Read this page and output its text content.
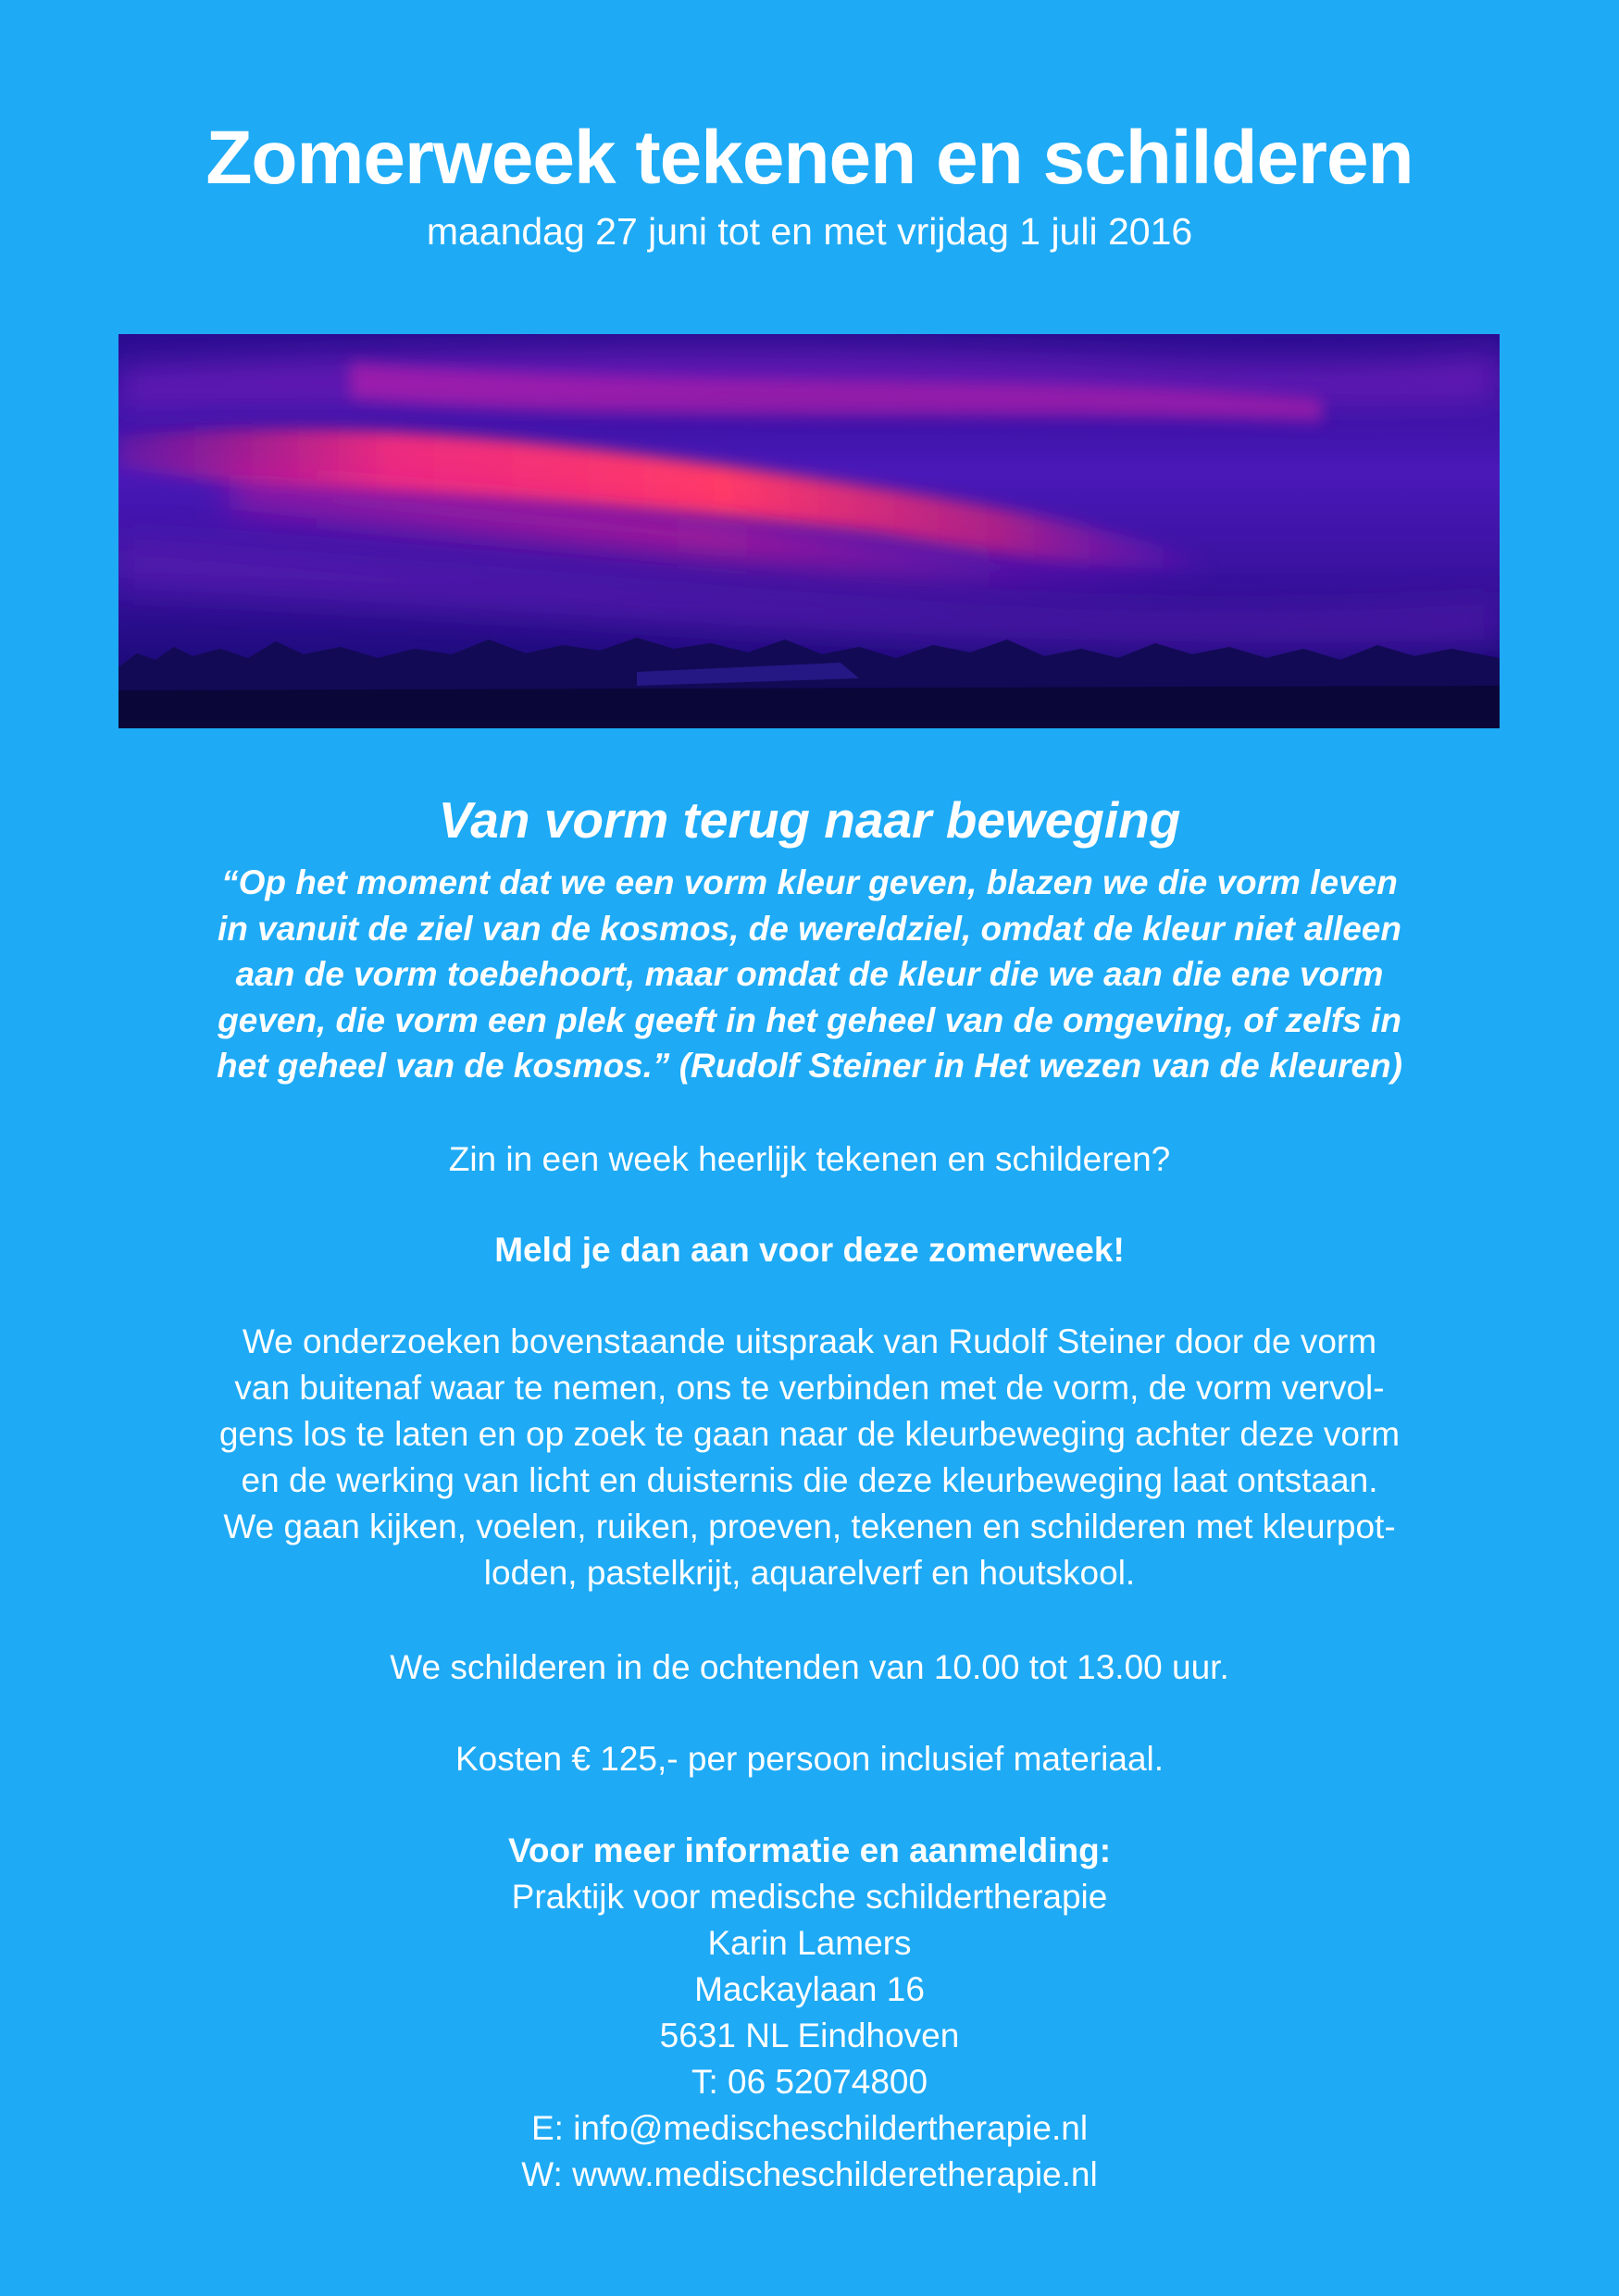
Zomerweek tekenen en schilderen
maandag 27 juni tot en met vrijdag 1 juli 2016
Van vorm terug naar beweging
“Op het moment dat we een vorm kleur geven, blazen we die vorm leven
in vanuit de ziel van de kosmos, de wereldziel, omdat de kleur niet alleen
aan de vorm toebehoort, maar omdat de kleur die we aan die ene vorm
geven, die vorm een plek geeft in het geheel van de omgeving, of zelfs in
het geheel van de kosmos.” (Rudolf Steiner in Het wezen van de kleuren)
Zin in een week heerlijk tekenen en schilderen?
Meld je dan aan voor deze zomerweek!
We onderzoeken bovenstaande uitspraak van Rudolf Steiner door de vorm
van buitenaf waar te nemen, ons te verbinden met de vorm, de vorm vervol-
gens los te laten en op zoek te gaan naar de kleurbeweging achter deze vorm
en de werking van licht en duisternis die deze kleurbeweging laat ontstaan.
We gaan kijken, voelen, ruiken, proeven, tekenen en schilderen met kleurpot-
loden, pastelkrijt, aquarelverf en houtskool.
We schilderen in de ochtenden van 10.00 tot 13.00 uur.
Kosten € 125,- per persoon inclusief materiaal.
Voor meer informatie en aanmelding:
Praktijk voor medische schildertherapie
Karin Lamers
Mackaylaan 16
5631 NL Eindhoven
T: 06 52074800
E: info@medischeschildertherapie.nl
W: www.medischeschilderetherapie.nl
